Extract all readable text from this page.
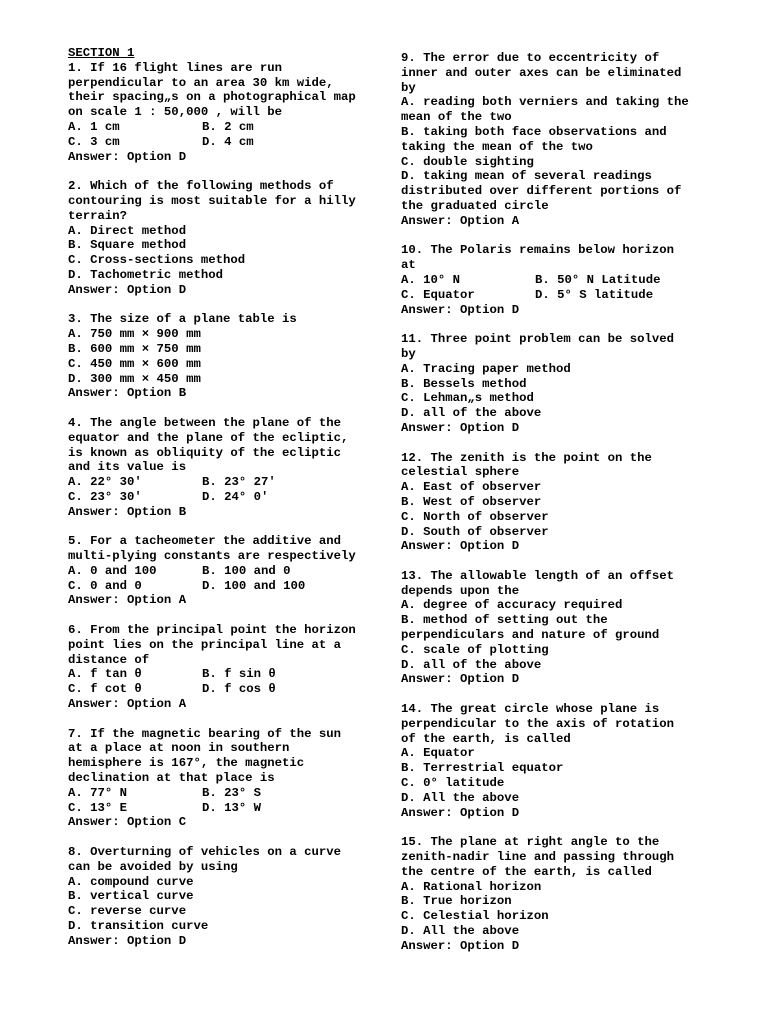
SECTION 1
1. If 16 flight lines are run
perpendicular to an area 30 km wide,
their spacing„s on a photographical map
on scale 1 : 50,000 , will be
A. 1 cm	B. 2 cm
C. 3 cm	D. 4 cm
Answer: Option D
2. Which of the following methods of
contouring is most suitable for a hilly
terrain?
A. Direct method
B. Square method
C. Cross-sections method
D. Tachometric method
Answer: Option D
3. The size of a plane table is
A. 750 mm × 900 mm
B. 600 mm × 750 mm
C. 450 mm × 600 mm
D. 300 mm × 450 mm
Answer: Option B
4. The angle between the plane of the
equator and the plane of the ecliptic,
is known as obliquity of the ecliptic
and its value is
A. 22° 30'	B. 23° 27'
C. 23° 30'	D. 24° 0'
Answer: Option B
5. For a tacheometer the additive and
multi-plying constants are respectively
A. 0 and 100	B. 100 and 0
C. 0 and 0	D. 100 and 100
Answer: Option A
6. From the principal point the horizon
point lies on the principal line at a
distance of
A. f tan θ	B. f sin θ
C. f cot θ	D. f cos θ
Answer: Option A
7. If the magnetic bearing of the sun
at a place at noon in southern
hemisphere is 167°, the magnetic
declination at that place is
A. 77° N	B. 23° S
C. 13° E	D. 13° W
Answer: Option C
8. Overturning of vehicles on a curve
can be avoided by using
A. compound curve
B. vertical curve
C. reverse curve
D. transition curve
Answer: Option D
9. The error due to eccentricity of
inner and outer axes can be eliminated
by
A. reading both verniers and taking the
mean of the two
B. taking both face observations and
taking the mean of the two
C. double sighting
D. taking mean of several readings
distributed over different portions of
the graduated circle
Answer: Option A
10. The Polaris remains below horizon
at
A. 10° N	B. 50° N Latitude
C. Equator	D. 5° S latitude
Answer: Option D
11. Three point problem can be solved
by
A. Tracing paper method
B. Bessels method
C. Lehman„s method
D. all of the above
Answer: Option D
12. The zenith is the point on the
celestial sphere
A. East of observer
B. West of observer
C. North of observer
D. South of observer
Answer: Option D
13. The allowable length of an offset
depends upon the
A. degree of accuracy required
B. method of setting out the
perpendiculars and nature of ground
C. scale of plotting
D. all of the above
Answer: Option D
14. The great circle whose plane is
perpendicular to the axis of rotation
of the earth, is called
A. Equator
B. Terrestrial equator
C. 0° latitude
D. All the above
Answer: Option D
15. The plane at right angle to the
zenith-nadir line and passing through
the centre of the earth, is called
A. Rational horizon
B. True horizon
C. Celestial horizon
D. All the above
Answer: Option D
